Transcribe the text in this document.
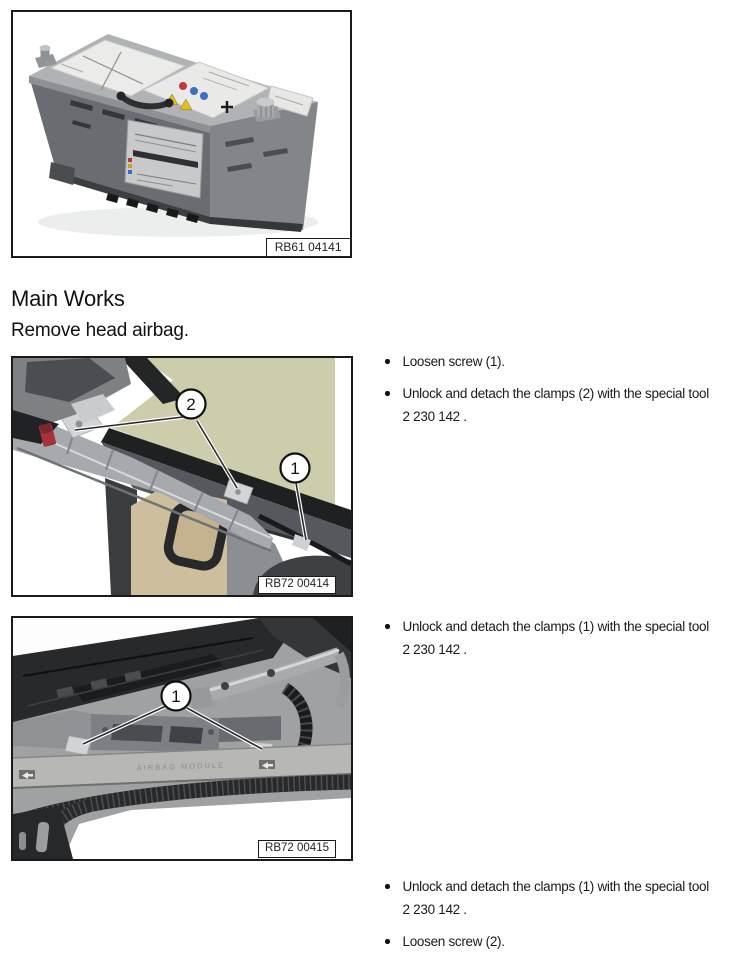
RB61 04141
Main Works
Remove head airbag.
2
1
RB72 00414
Loosen screw (1).
Unlock and detach the clamps (2) with the special tool
2 230 142 .
AIRBAG MODULE
1
RB72 00415
Unlock and detach the clamps (1) with the special tool
2 230 142 .
Unlock and detach the clamps (1) with the special tool
2 230 142 .
Loosen screw (2).
